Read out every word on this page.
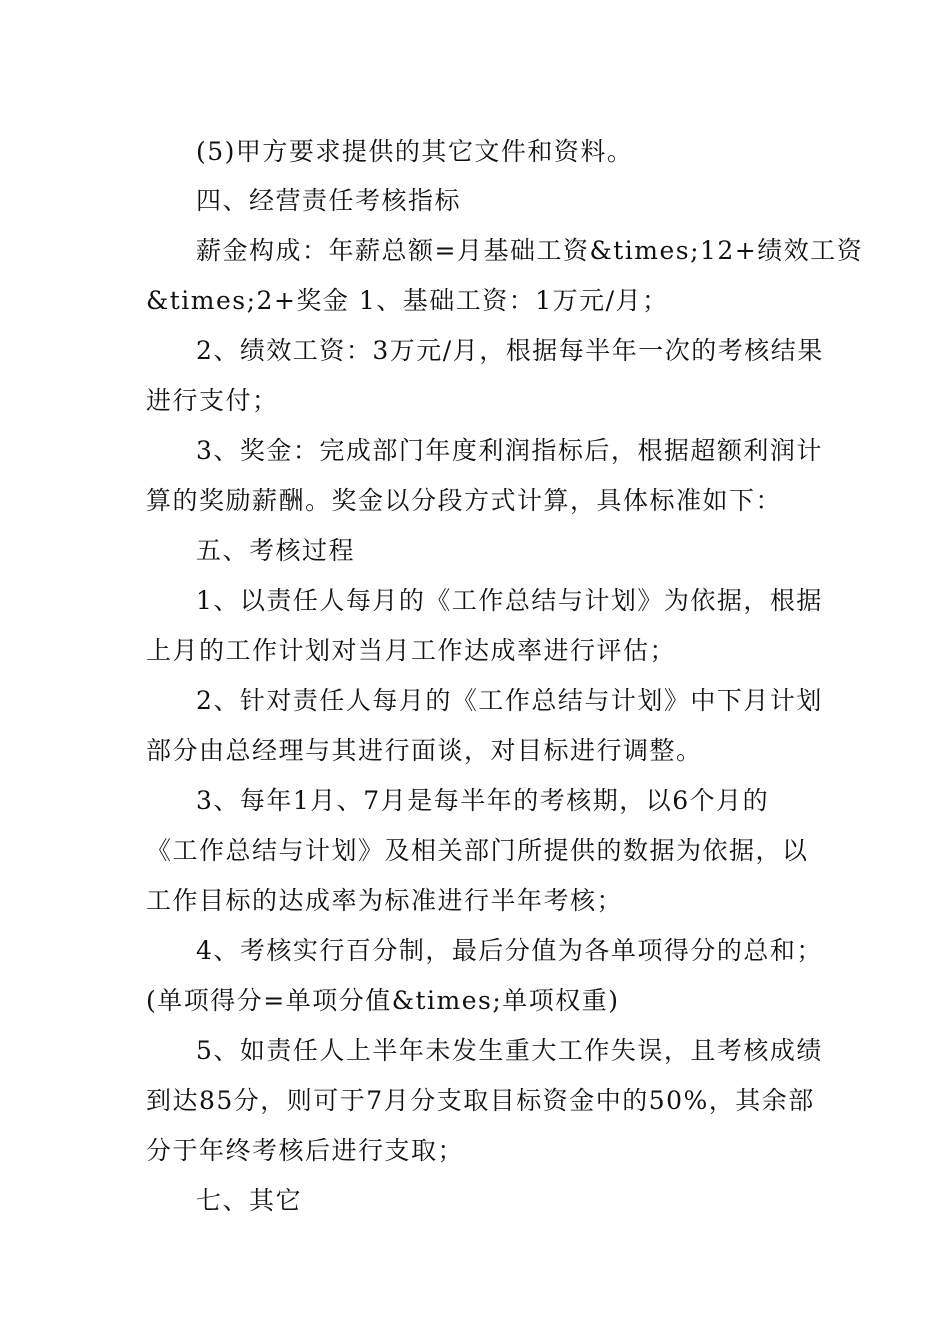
(5)甲方要求提供的其它文件和资料。
四、经营责任考核指标
薪金构成：年薪总额=月基础工资&times;12+绩效工资
&times;2+奖金 1、基础工资：1万元/月；
2、绩效工资：3万元/月，根据每半年一次的考核结果
进行支付；
3、奖金：完成部门年度利润指标后，根据超额利润计
算的奖励薪酬。奖金以分段方式计算，具体标准如下：
五、考核过程
1、以责任人每月的《工作总结与计划》为依据，根据
上月的工作计划对当月工作达成率进行评估；
2、针对责任人每月的《工作总结与计划》中下月计划
部分由总经理与其进行面谈，对目标进行调整。
3、每年1月、7月是每半年的考核期，以6个月的
《工作总结与计划》及相关部门所提供的数据为依据，以
工作目标的达成率为标准进行半年考核；
4、考核实行百分制，最后分值为各单项得分的总和；
(单项得分=单项分值&times;单项权重)
5、如责任人上半年未发生重大工作失误，且考核成绩
到达85分，则可于7月分支取目标资金中的50%，其余部
分于年终考核后进行支取；
七、其它
